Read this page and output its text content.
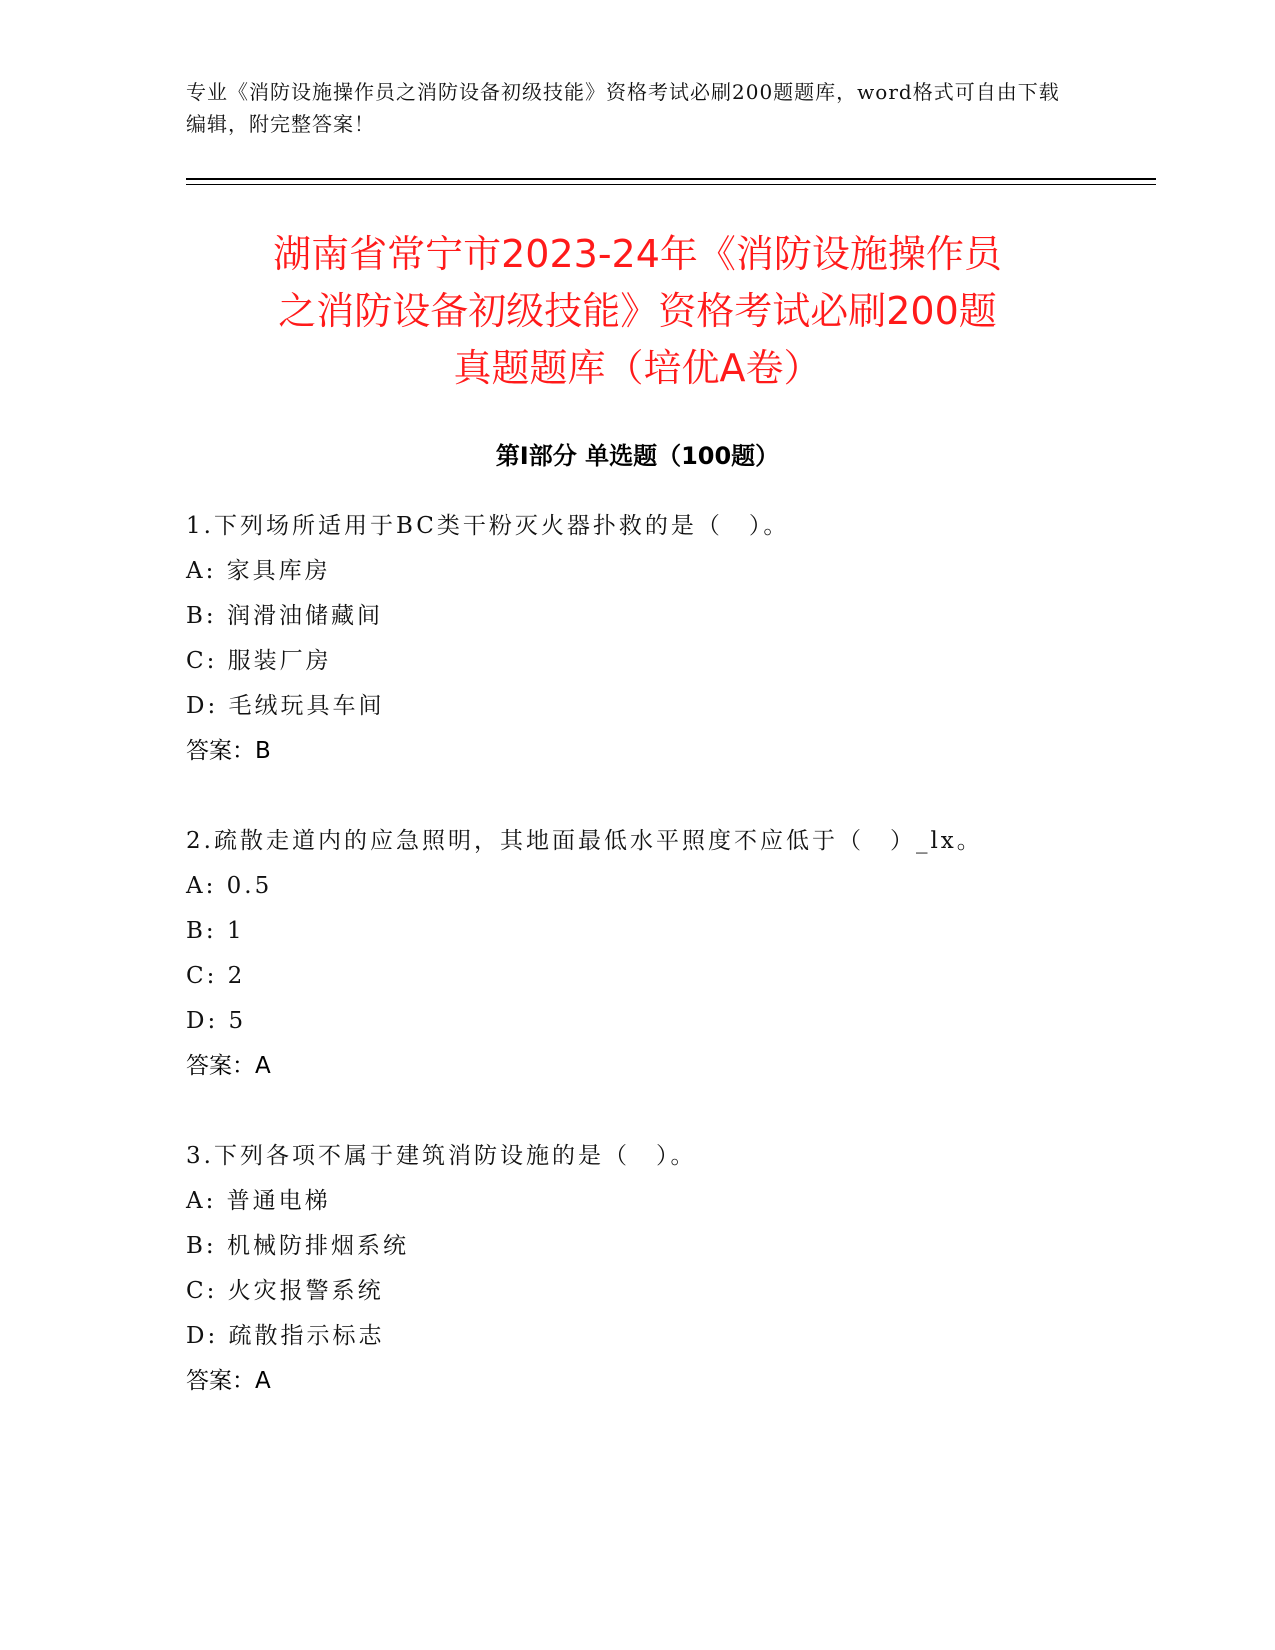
专业《消防设施操作员之消防设备初级技能》资格考试必刷200题题库，word格式可自由下载编辑，附完整答案！
湖南省常宁市2023-24年《消防设施操作员
之消防设备初级技能》资格考试必刷200题
真题题库（培优A卷）
第Ⅰ部分 单选题（100题）
1.下列场所适用于BC类干粉灭火器扑救的是（　）。
A: 家具库房
B: 润滑油储藏间
C: 服装厂房
D: 毛绒玩具车间
答案：B
2.疏散走道内的应急照明，其地面最低水平照度不应低于（　）_lx。
A: 0.5
B: 1
C: 2
D: 5
答案：A
3.下列各项不属于建筑消防设施的是（　）。
A: 普通电梯
B: 机械防排烟系统
C: 火灾报警系统
D: 疏散指示标志
答案：A
